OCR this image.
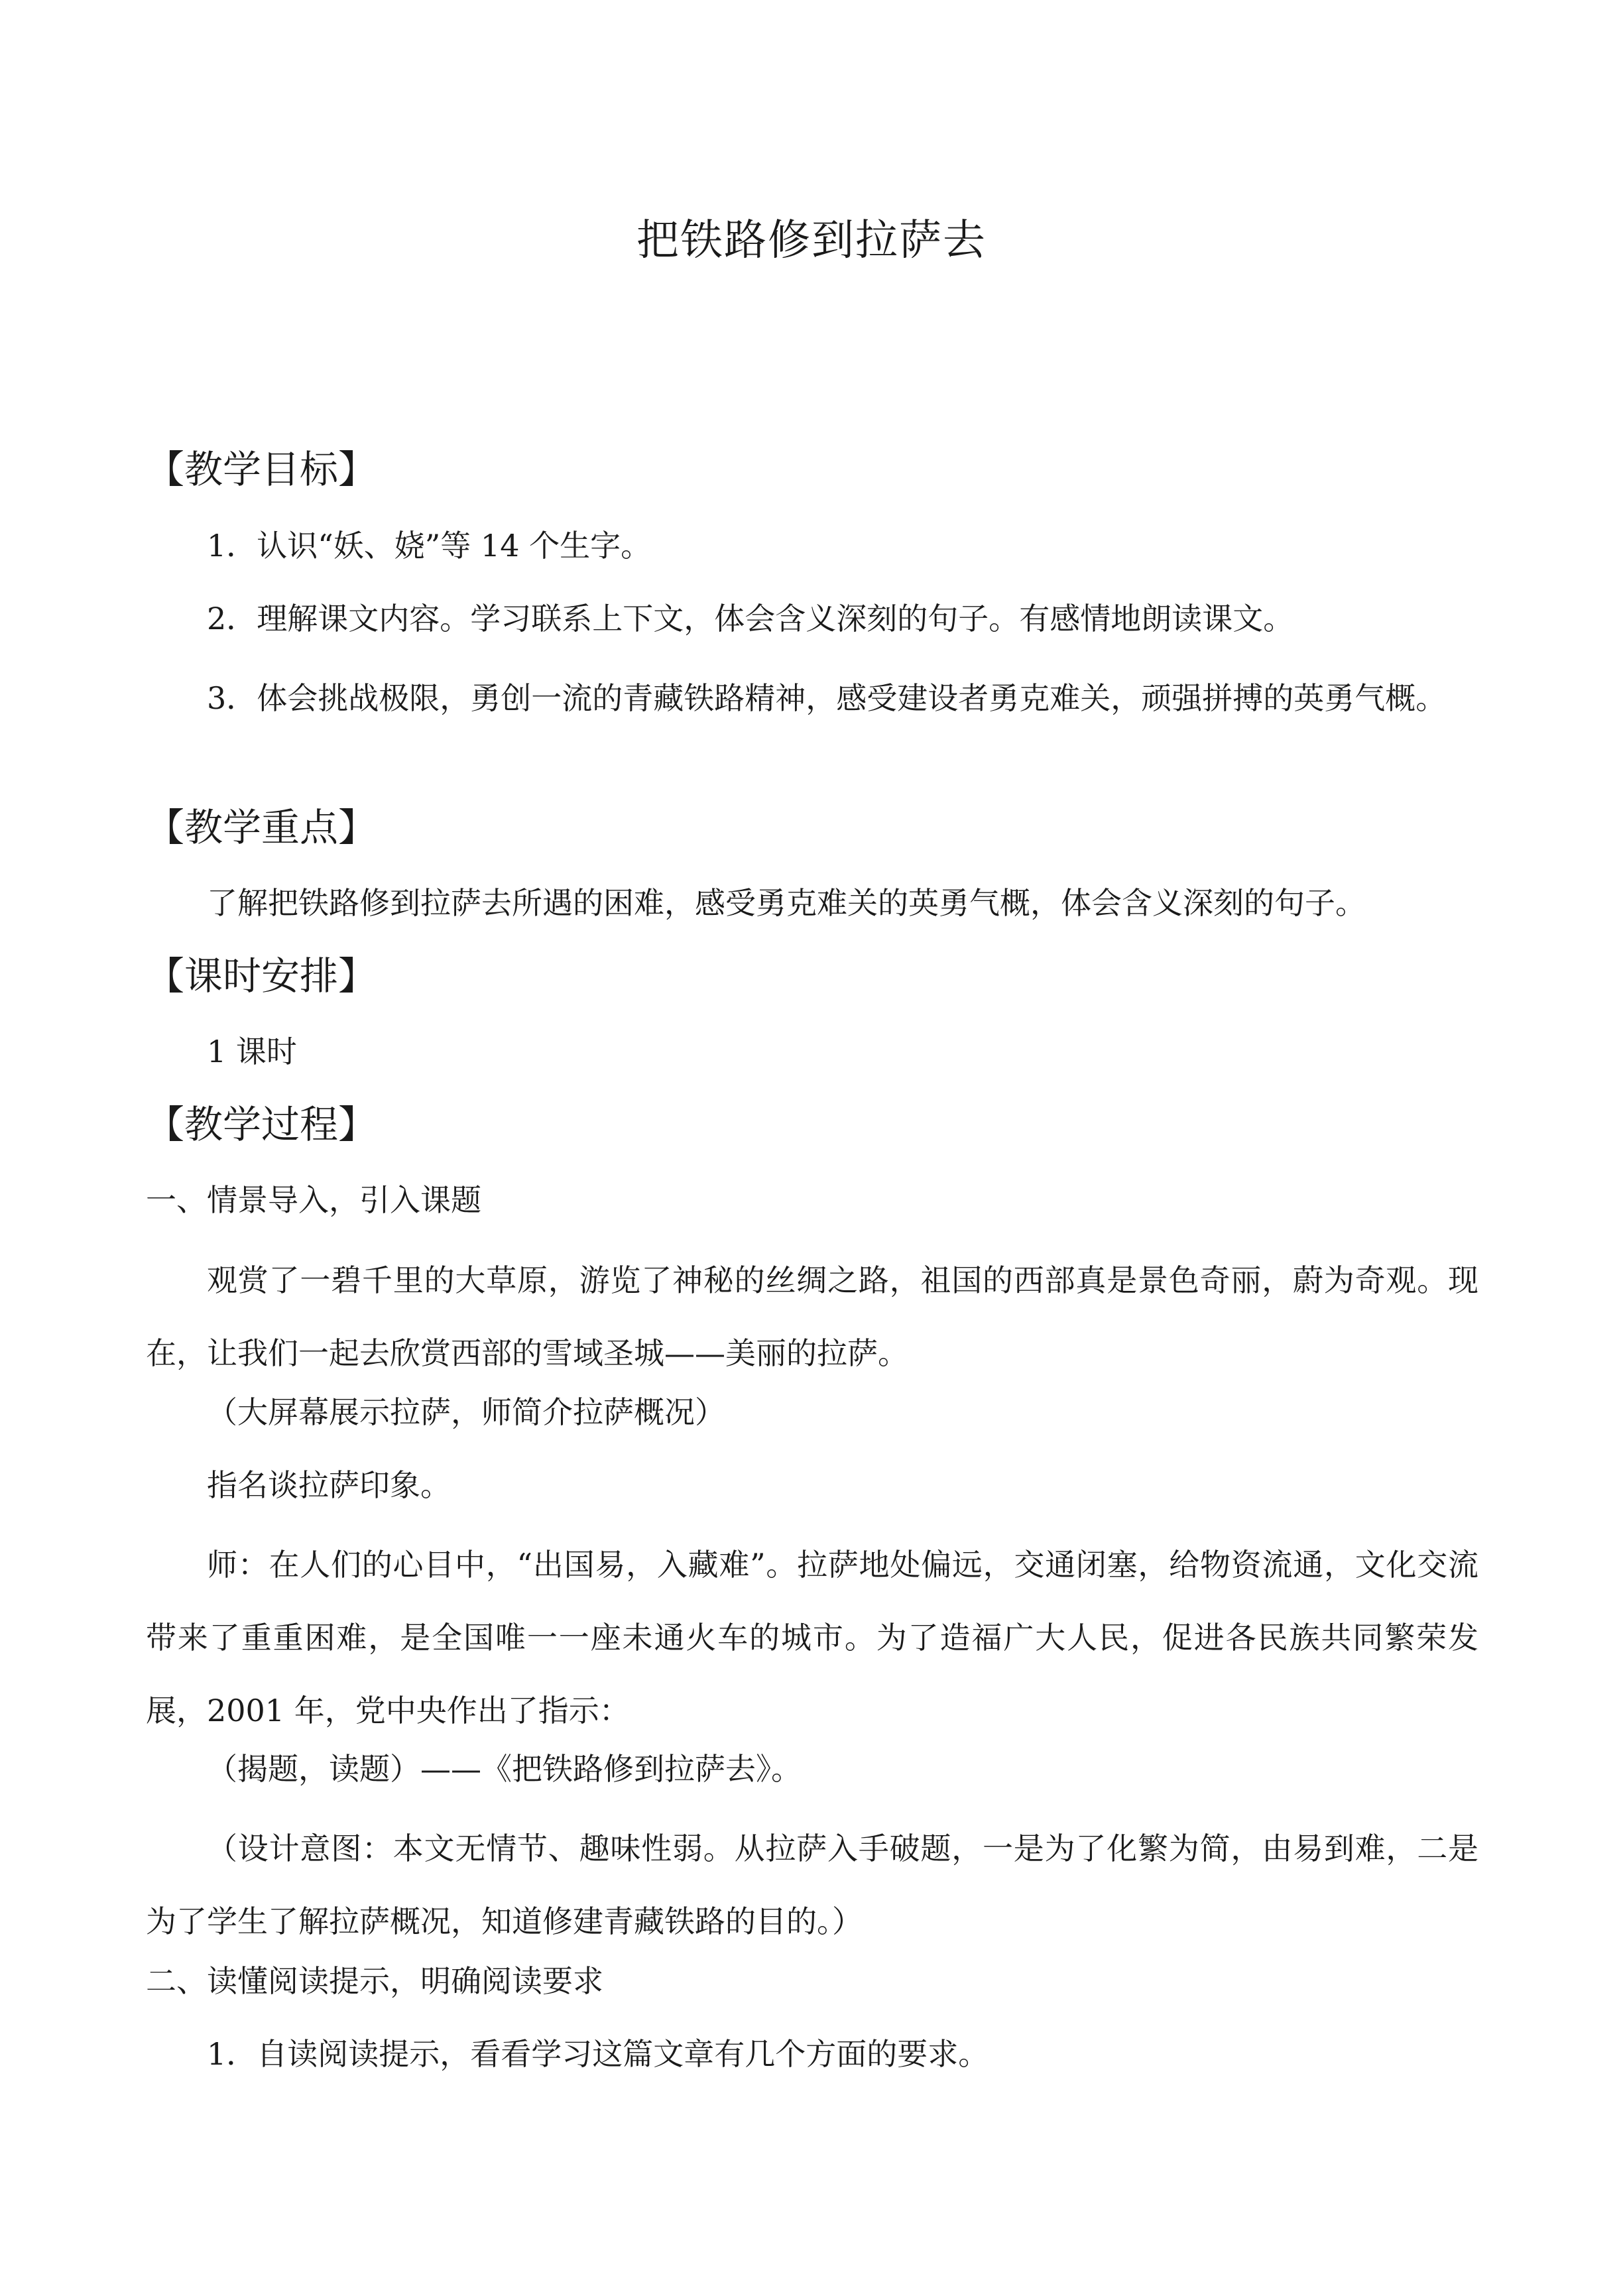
把铁路修到拉萨去
【教学目标】
1．认识“妖、娆”等 14 个生字。
2．理解课文内容。学习联系上下文，体会含义深刻的句子。有感情地朗读课文。
3．体会挑战极限，勇创一流的青藏铁路精神，感受建设者勇克难关，顽强拼搏的英勇气概。
【教学重点】
了解把铁路修到拉萨去所遇的困难，感受勇克难关的英勇气概，体会含义深刻的句子。
【课时安排】
1 课时
【教学过程】
一、情景导入，引入课题
观赏了一碧千里的大草原，游览了神秘的丝绸之路，祖国的西部真是景色奇丽，蔚为奇观。现在，让我们一起去欣赏西部的雪域圣城——美丽的拉萨。
（大屏幕展示拉萨，师简介拉萨概况）
指名谈拉萨印象。
师：在人们的心目中，“出国易，入藏难”。拉萨地处偏远，交通闭塞，给物资流通，文化交流带来了重重困难，是全国唯一一座未通火车的城市。为了造福广大人民，促进各民族共同繁荣发展，2001 年，党中央作出了指示：
（揭题，读题）——《把铁路修到拉萨去》。
（设计意图：本文无情节、趣味性弱。从拉萨入手破题，一是为了化繁为简，由易到难，二是为了学生了解拉萨概况，知道修建青藏铁路的目的。）
二、读懂阅读提示，明确阅读要求
1．自读阅读提示，看看学习这篇文章有几个方面的要求。
